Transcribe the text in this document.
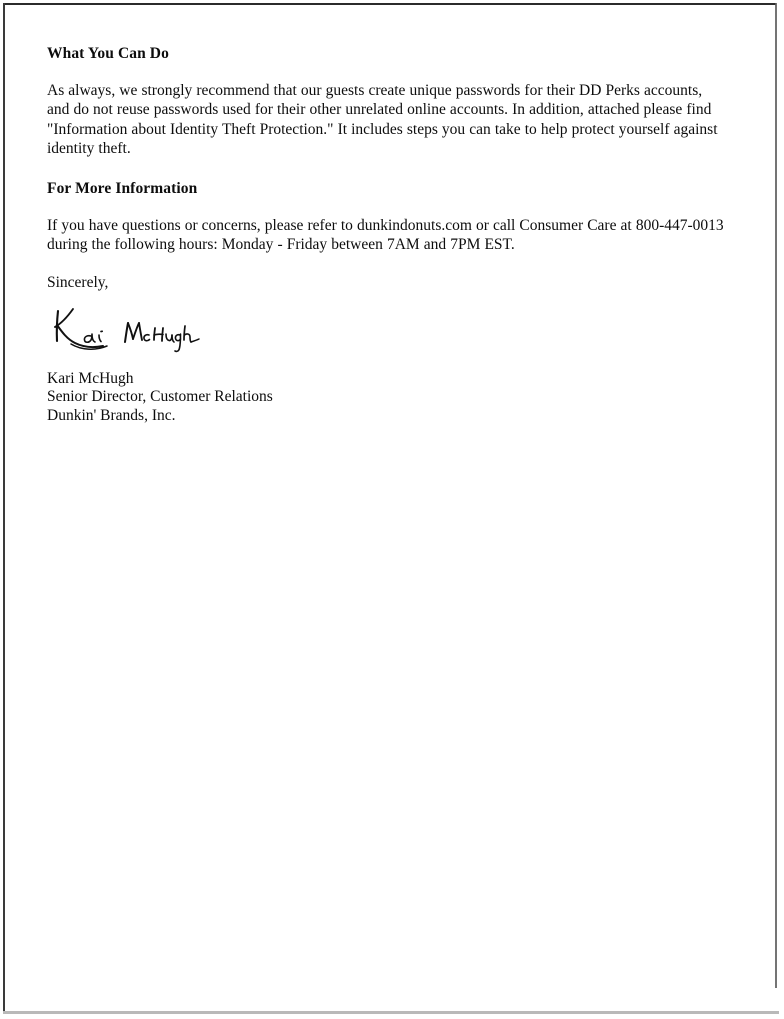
What You Can Do

As always, we strongly recommend that our guests create unique passwords for their DD Perks accounts, and do not reuse passwords used for their other unrelated online accounts. In addition, attached please find "Information about Identity Theft Protection." It includes steps you can take to help protect yourself against identity theft.

For More Information

If you have questions or concerns, please refer to dunkindonuts.com or call Consumer Care at 800-447-0013 during the following hours: Monday - Friday between 7AM and 7PM EST.

Sincerely,

Kari McHugh
Senior Director, Customer Relations
Dunkin' Brands, Inc.
